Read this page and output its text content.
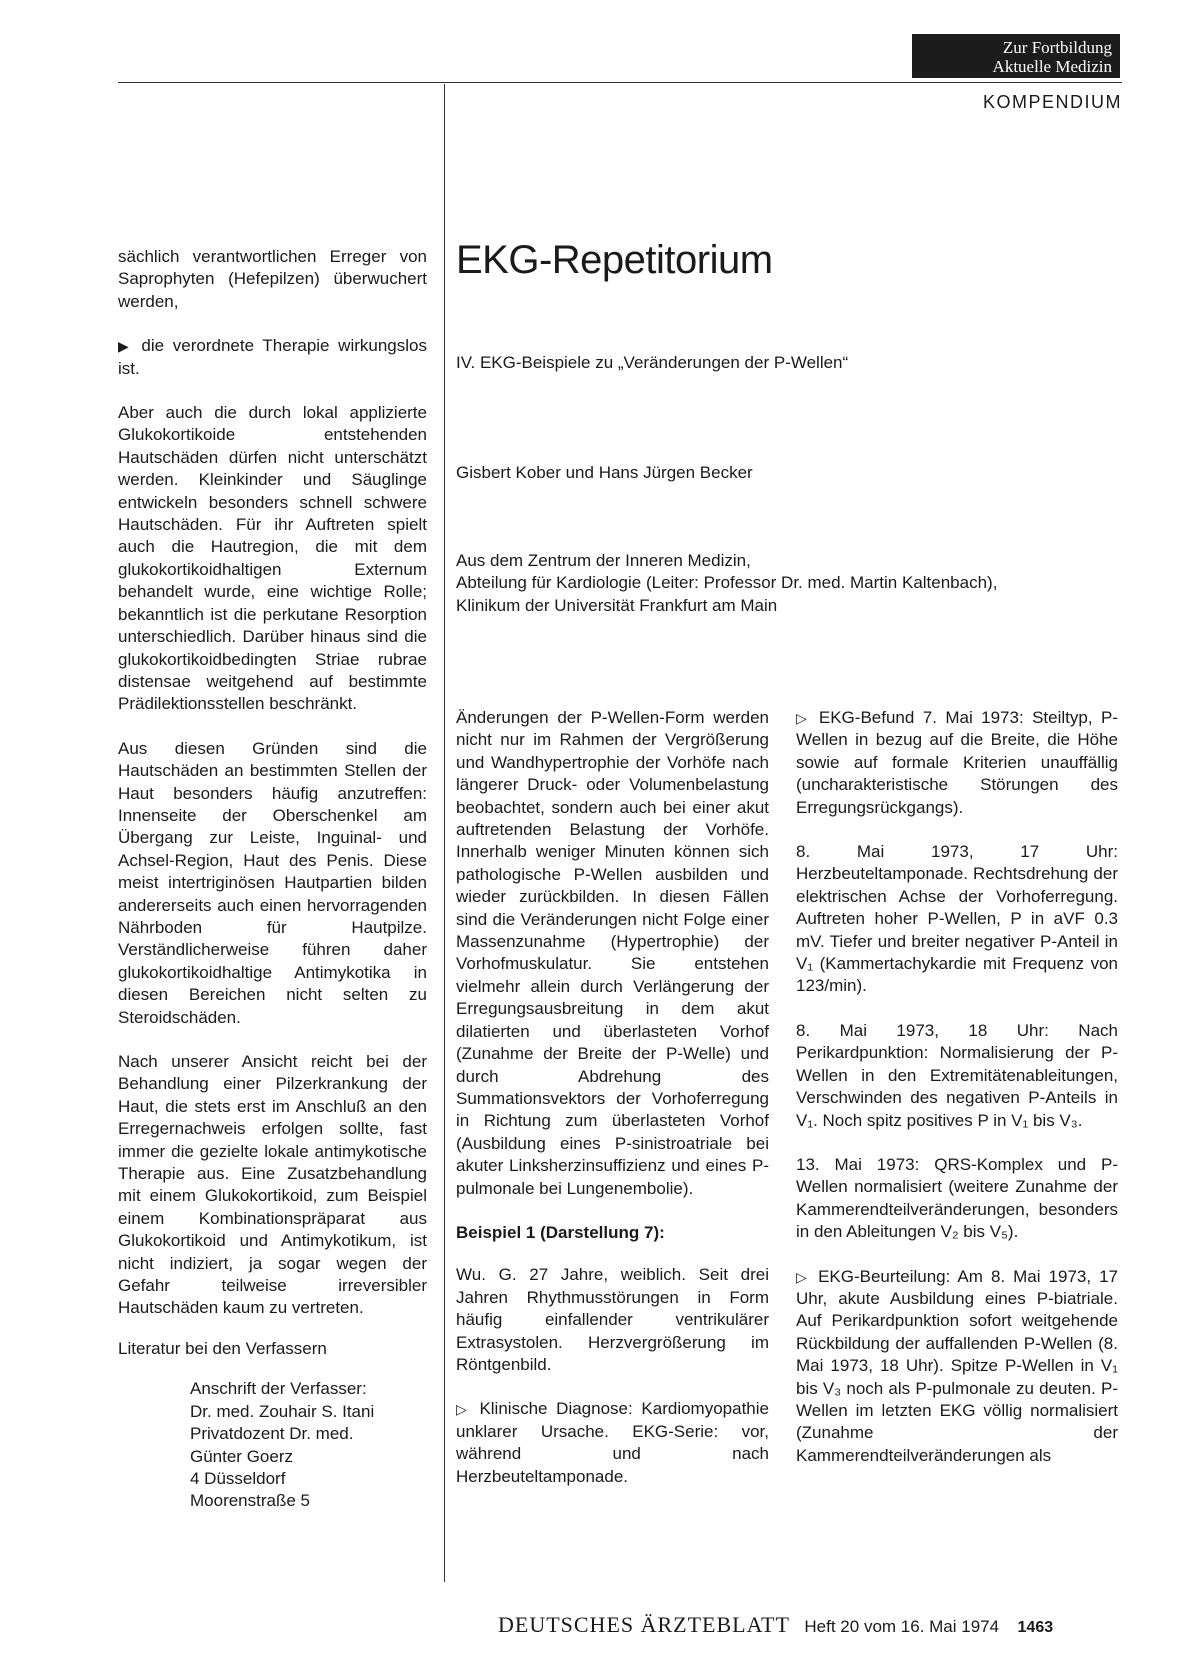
Zur Fortbildung
Aktuelle Medizin
KOMPENDIUM

sächlich verantwortlichen Erreger von Saprophyten (Hefepilzen) überwuchert werden,

▶ die verordnete Therapie wirkungslos ist.

Aber auch die durch lokal applizierte Glukokortikoide entstehenden Hautschäden dürfen nicht unterschätzt werden. Kleinkinder und Säuglinge entwickeln besonders schnell schwere Hautschäden. Für ihr Auftreten spielt auch die Hautregion, die mit dem glukokortikoidhaltigen Externum behandelt wurde, eine wichtige Rolle; bekanntlich ist die perkutane Resorption unterschiedlich. Darüber hinaus sind die glukokortikoidbedingten Striae rubrae distensae weitgehend auf bestimmte Prädilektionsstellen beschränkt.

Aus diesen Gründen sind die Hautschäden an bestimmten Stellen der Haut besonders häufig anzutreffen: Innenseite der Oberschenkel am Übergang zur Leiste, Inguinal- und Achsel-Region, Haut des Penis. Diese meist intertriginösen Hautpartien bilden andererseits auch einen hervorragenden Nährboden für Hautpilze. Verständlicherweise führen daher glukokortikoidhaltige Antimykotika in diesen Bereichen nicht selten zu Steroidschäden.

Nach unserer Ansicht reicht bei der Behandlung einer Pilzerkrankung der Haut, die stets erst im Anschluß an den Erregernachweis erfolgen sollte, fast immer die gezielte lokale antimykotische Therapie aus. Eine Zusatzbehandlung mit einem Glukokortikoid, zum Beispiel einem Kombinationspräparat aus Glukokortikoid und Antimykotikum, ist nicht indiziert, ja sogar wegen der Gefahr teilweise irreversibler Hautschäden kaum zu vertreten.

Literatur bei den Verfassern

Anschrift der Verfasser:
Dr. med. Zouhair S. Itani
Privatdozent Dr. med.
Günter Goerz
4 Düsseldorf
Moorenstraße 5
EKG-Repetitorium
IV. EKG-Beispiele zu „Veränderungen der P-Wellen“
Gisbert Kober und Hans Jürgen Becker
Aus dem Zentrum der Inneren Medizin,
Abteilung für Kardiologie (Leiter: Professor Dr. med. Martin Kaltenbach),
Klinikum der Universität Frankfurt am Main

Änderungen der P-Wellen-Form werden nicht nur im Rahmen der Vergrößerung und Wandhypertrophie der Vorhöfe nach längerer Druck- oder Volumenbelastung beobachtet, sondern auch bei einer akut auftretenden Belastung der Vorhöfe. Innerhalb weniger Minuten können sich pathologische P-Wellen ausbilden und wieder zurückbilden. In diesen Fällen sind die Veränderungen nicht Folge einer Massenzunahme (Hypertrophie) der Vorhofmuskulatur. Sie entstehen vielmehr allein durch Verlängerung der Erregungsausbreitung in dem akut dilatierten und überlasteten Vorhof (Zunahme der Breite der P-Welle) und durch Abdrehung des Summationsvektors der Vorhoferregung in Richtung zum überlasteten Vorhof (Ausbildung eines P-sinistroatriale bei akuter Linksherzinsuffizienz und eines P-pulmonale bei Lungenembolie).

Beispiel 1 (Darstellung 7):

Wu. G. 27 Jahre, weiblich. Seit drei Jahren Rhythmusstörungen in Form häufig einfallender ventrikulärer Extrasystolen. Herzvergrößerung im Röntgenbild.

▷ Klinische Diagnose: Kardiomyopathie unklarer Ursache. EKG-Serie: vor, während und nach Herzbeuteltamponade.

▷ EKG-Befund 7. Mai 1973: Steiltyp, P-Wellen in bezug auf die Breite, die Höhe sowie auf formale Kriterien unauffällig (uncharakteristische Störungen des Erregungsrückgangs).

8. Mai 1973, 17 Uhr: Herzbeuteltamponade. Rechtsdrehung der elektrischen Achse der Vorhoferregung. Auftreten hoher P-Wellen, P in aVF 0.3 mV. Tiefer und breiter negativer P-Anteil in V₁ (Kammertachykardie mit Frequenz von 123/min).

8. Mai 1973, 18 Uhr: Nach Perikardpunktion: Normalisierung der P-Wellen in den Extremitätenableitungen, Verschwinden des negativen P-Anteils in V₁. Noch spitz positives P in V₁ bis V₃.

13. Mai 1973: QRS-Komplex und P-Wellen normalisiert (weitere Zunahme der Kammerendteilveränderungen, besonders in den Ableitungen V₂ bis V₅).

▷ EKG-Beurteilung: Am 8. Mai 1973, 17 Uhr, akute Ausbildung eines P-biatriale. Auf Perikardpunktion sofort weitgehende Rückbildung der auffallenden P-Wellen (8. Mai 1973, 18 Uhr). Spitze P-Wellen in V₁ bis V₃ noch als P-pulmonale zu deuten. P-Wellen im letzten EKG völlig normalisiert (Zunahme der Kammerendteilveränderungen als

DEUTSCHES ÄRZTEBLATT Heft 20 vom 16. Mai 1974 1463
